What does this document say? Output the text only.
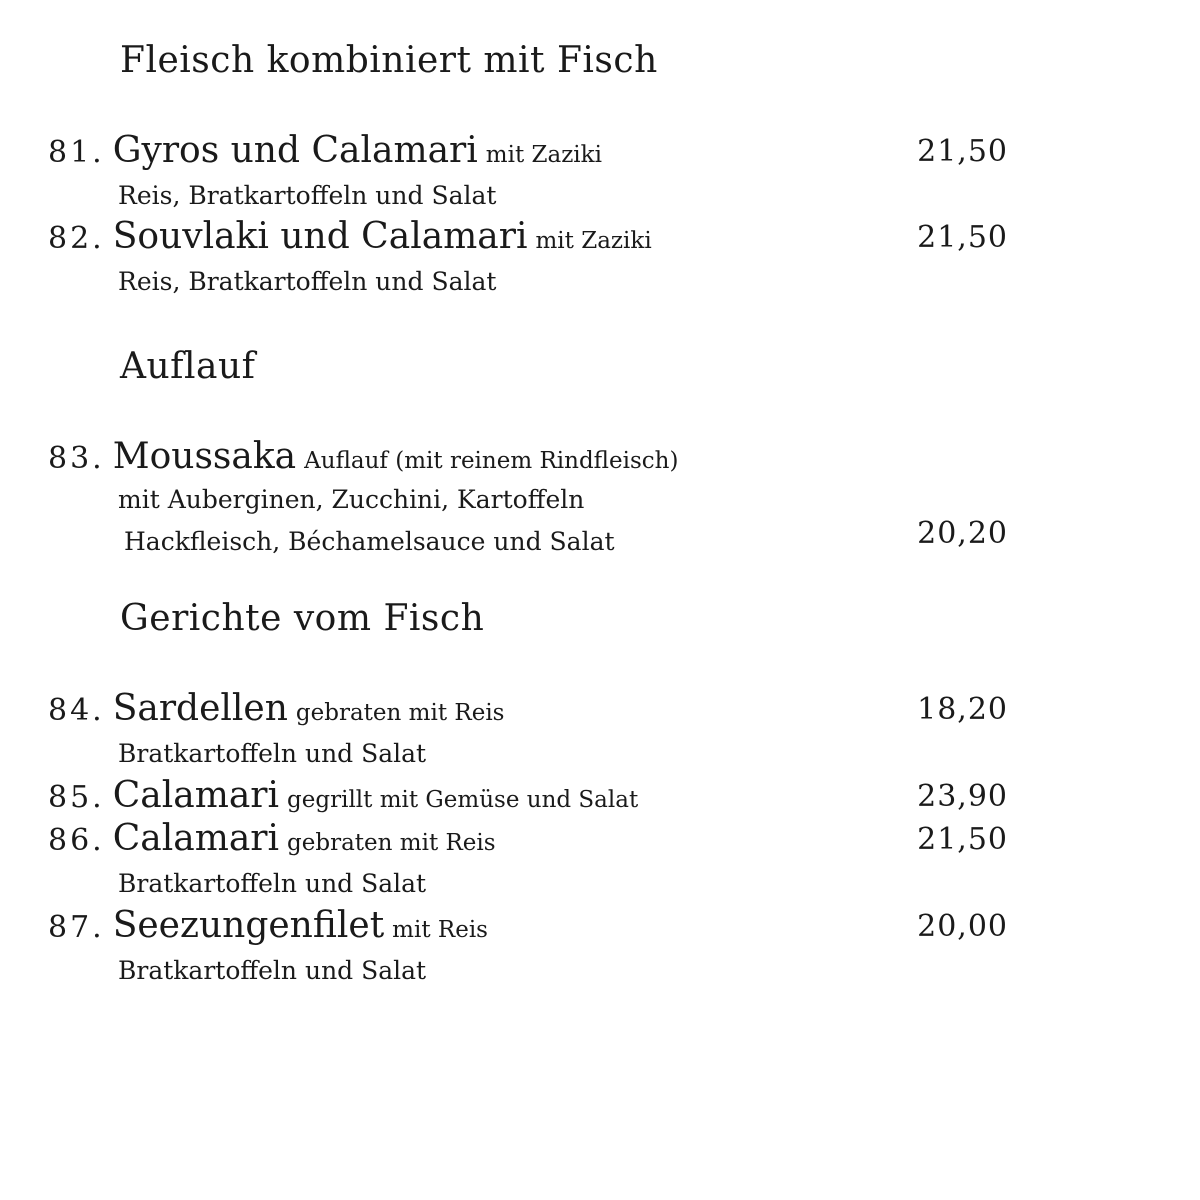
Fleisch kombiniert mit Fisch
81. Gyros und Calamari mit Zaziki
Reis, Bratkartoffeln und Salat
21,50
82. Souvlaki und Calamari mit Zaziki
Reis, Bratkartoffeln und Salat
21,50
Auflauf
83. Moussaka Auflauf (mit reinem Rindfleisch)
mit Auberginen, Zucchini, Kartoffeln
Hackfleisch, Béchamelsauce und Salat	20,20
Gerichte vom Fisch
84. Sardellen gebraten mit Reis
Bratkartoffeln und Salat
18,20
85. Calamari gegrillt mit Gemüse und Salat	23,90
86. Calamari gebraten mit Reis
Bratkartoffeln und Salat
21,50
87. Seezungenfilet mit Reis
Bratkartoffeln und Salat
20,00
